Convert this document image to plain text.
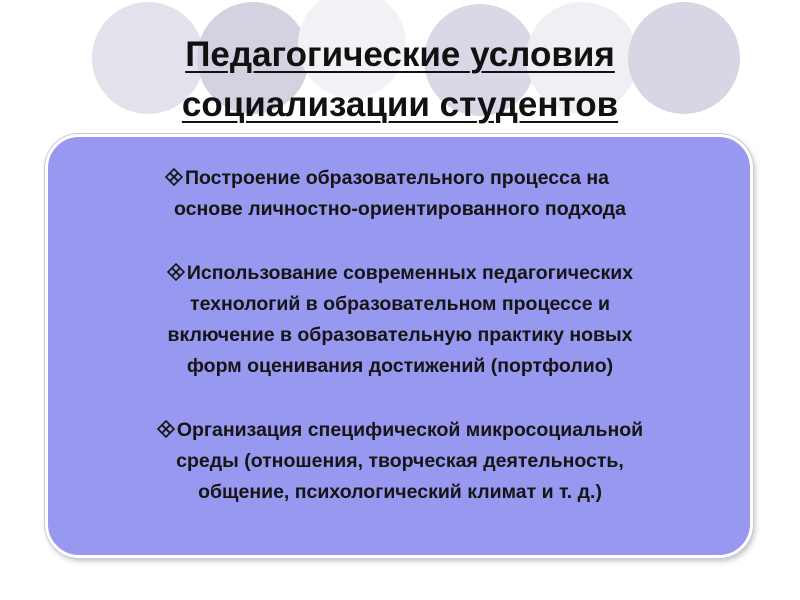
Педагогические условия
социализации студентов
Построение образовательного процесса на
основе личностно-ориентированного подхода
Использование современных педагогических
технологий в образовательном процессе и
включение в образовательную практику новых
форм оценивания достижений (портфолио)
Организация специфической микросоциальной
среды (отношения, творческая деятельность,
общение, психологический климат и т. д.)
